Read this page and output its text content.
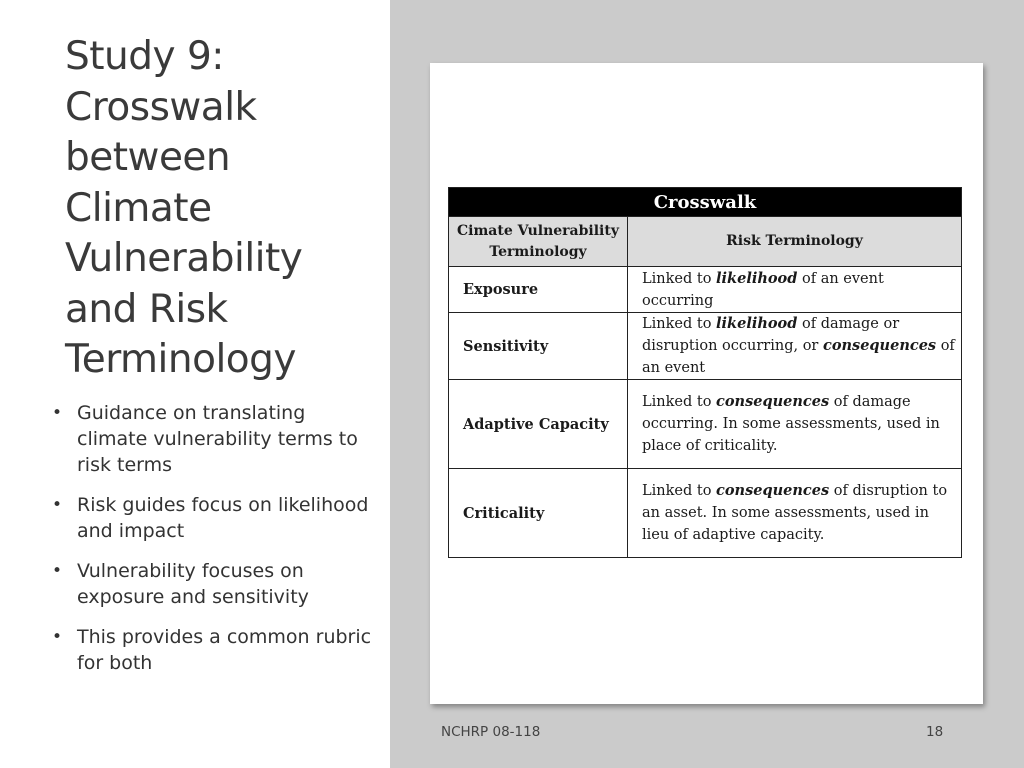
Study 9:
Crosswalk
between
Climate
Vulnerability
and Risk
Terminology
• Guidance on translating climate vulnerability terms to risk terms
• Risk guides focus on likelihood and impact
• Vulnerability focuses on exposure and sensitivity
• This provides a common rubric for both
Crosswalk	
Cimate Vulnerability Terminology	Risk Terminology
Exposure	Linked to likelihood of an event occurring
Sensitivity	Linked to likelihood of damage or disruption occurring, or consequences of an event
Adaptive Capacity	Linked to consequences of damage occurring. In some assessments, used in place of criticality.
Criticality	Linked to consequences of disruption to an asset. In some assessments, used in lieu of adaptive capacity.
NCHRP 08-118	18
